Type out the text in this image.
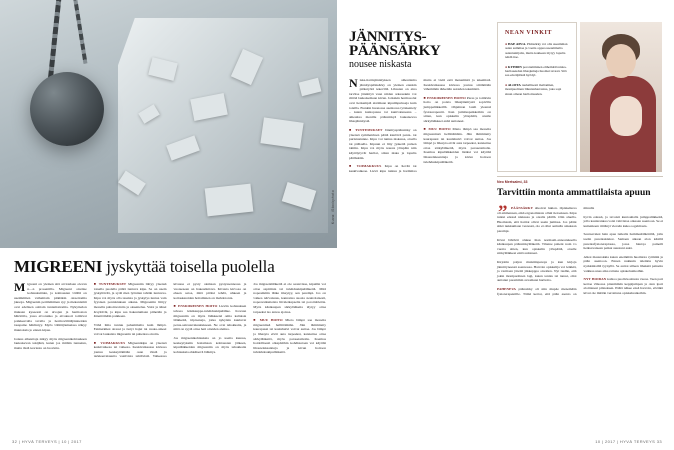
Kuva: iStockphoto
MIGREENI jyskyttää toisella puolella

Migreeni on yleinen sitä arvioidaan olevan n—n prosentilla. Migreeni oireilee kohtauksittain, ja kohtausten välillä on useimmiten vaiheittain pitkiäkin oireettomia jaksoja. Migreenin perimmäinen syy ja mekanismit ovat edelleen osittain tuntemattomia. Nykytiedon mukaan kyseessä on aivojen ja hermoston häiriötila, jossa aivorunko ja aivokuori toimivat poikkeavalla tavalla ja hermovälittäjäaineiden tasapaino häiriintyy. Myös välittäjäaineissa näkyy muutoksia jo ennen kipua.

Joskus aiheuttaja näkyy myös migreenikohtauksen laukaisevan tekijänä, kuten jos mitään tunnetun, mutta tästä teoriasta on luovuttu.

■ TUNTEMUKSET Migreeniin liittyy yleensä toisella puolella päätä tuntuva kipu. Se on usein jyskyttävää, ja sydä men lyöntien tahtiin tuntuvaa. Kipu voi myös olla tasaista ja jyskytys tuntua vain fyysisen ponnistuksen aikana. Migreeniin liittyy monella pahoinvointia ja oksentelua. Valot ja äänet ärsyttävät, ja kipu saa hakeutumaan pimeään ja äänettömään paikkaan.

Vähä ilma tuntuu pahemmalta kuin lämpö. Esimerkiksi stressi ja tietyt hajut tai ruoka-aineet voivat laukaista migreenin tai pahentaa oireita.

■ VOIMAKKUUS Migreenikipu on yleensä keskivaikeaa tai vaikeaa. Keskivaikeassa kivussa joutuu keskeyttämään osan töistä ja tarkkaavaisuutta vaativista tehtävistä. Vaikeassa kivussa ei pysty olemaan pystyasennossa ja vuoteeseen on hakeuduttava. Kivusta kirvoaa on eheen satoa, mitä pitäisi tehdä, uhkeen ja kotiaskareiden hoitaminen on mahdotonta.

■ ENSIOIREINEN HOITO Lievän kohtauksen tehoaa käsikauppa-tulehduskipulääke. Kovaan migreeniin on myös lääkkeenä omia kaltaisia lääkkeitä, triptaaneja, jotka nykyisin kuuluvat perus-sairausvakuutukseen. Ne ovat tehokkaita, ja niitä on syytä ottaa heti oireiden alettua.

Jos migreenikohtauksia on jo useita kuussa, keskeytyksiin hoitamaan kohtausten jälkeen, kipulääkkeiden migreeniin on myös tehokkaita kohtauksia ehkäisevä lääkitys.

Jos migreenilääkettä ei ole saatavissa, kipuilin voi ottaa aspiriinia tai tulehduskipulääkettä. Mitä nopeammin lääke imeytyy, sen parempi. Jos on vaikea närvaisuus, kannattaa suosia neutrolaisesti, nopeavaikutteista liivaletkapselia tai porottablettia. Myös käsikaupan särkylääketta täytyy ottaa tarpeeksi iso annos ajoissa.

■ MUU HOITO Mieto lämpö saa monelta migreeninsä hellittämään. Jäin lämmitetty kaurapussi tai kaulahuivi voivat auttaa. Jos lämpö ja lihasyta eivät auta tarpeeksi, kannattaa ottaa särkylääkettä, myös parasetamolia. Kaamos hoidollisesti olkapääthin kohdistetaan voi käyttää lihasrelaksantteja ja kivun hoitoon tuhdahdoskipulääkettä.

32 | HYVÄ TERVEYS | 10 | 2017
JÄNNITYS-
PÄÄNSÄRKY
nousee niskasta

Niska-hartiajännityksen aiheuttama jännityspäänsärky on yleinen etenkin päätetyötä tekevillä. Lihasten on aina tarvitse jännittyä vaan niiden arkaasakin voi riittää laukaisemaan kivun. Jotkakin hermosolut ovat herkempiä aistimaan kipuimpulsseja kuin toisilla. Etenkin huonossa asentossa työskentely – kuten kuntopussa tai kuntvatuneena – aiheuttaa monille päänsärkyä laukaisevaa lihasjännitystä.

■ TUNTEMUKSET Jännityspäänsärky on yleensä symmetrinen päätä kiertävä panta- tai puristustunne. Kipu voi tuntua niskassa, otsalla tai päälaella. Kipuun ei liity jyskettä pulsen tahtiin. Kipu voi myös nousta ylöspäin niin käyttäytyvät hartiat, sitten niska ja lopulta pääläakiin.

■ VOIMAKKUUS Kipu on lievää tai keskivaikeaa. Lievä kipu tuntuu ja harmittaa mutta ei vielä estä menemistä ja tekemistä. Keskivaikeassa kivussa joutuu siirtämään vähemmän tärkeitän asioiden tekemistä.

■ ENSIOIREINEN HOITO Paras ja toimivin hoito on poista lihasjännitystä sopivilla jumppaliikkeillä. Ohjeitnan laatii yleensä fysioterapeutti. Kun jumituspaikkoihin on sitten, kun opiskelin ylöspäätä, otsalle särkylääkkeet enää auttaneet.

■ MUU HOITO Mieto lämpö saa monelta migreeninsä hellittämään. Jäin lämmitetty kaurapussi tai kaulahuivi voivat auttaa. Jos lämpö ja lihasyta eivät auta tarpeeksi, kannattaa ottaa särkylääkettä, myös parasetamolia. Kaamos kipulääkkeiden lisäksi voi käyttää lihasrelaksantteja ja kivun hoitoon tulehduskipulääkettä.

NEAN VINKIT

● HAE APUA. Päänsärky voi olla useamman asian summaa ja vaatia oppua useammalta asiantuntijalta, mutta kokkeen täytyy lopulta tehdä itse.

● KYHDIN porotamminen elihemitää niska-hartiaseudun lihasjumeja huomat tavasti. Sitä saa edoäijäästä hyödyt.

● ALOITA rauhallisesti maltamien, monipuolinen liikuntaharrastus, joka sopi sinun omaan hartioinsuden.

Neo Mertsalmi, 33
Tarvittiin monta ammattilaista apuun
”	PÄÄNSÄRKY alkoivat lukion. Opiskeluraa oli emmenaan, eikä ergonomiasta olluit tietoakaan. Kipu tuntui edessä niskassa ja otsalla päällä. Otin aluella. Huomasin, että hartiat olivat usein jumissa. Jos pääni sitkö nukkumaan vesressä, olo ei ollut aamulla ainakaan parempi.

Kivut lähtivät alukse ihan normaali-annostuksella käsikaupan päänsärkylääkettä. Tilanne paheni noin vo vuotta sitten, kun opiskelin ylöspäätä, otsalle särkylääkkeet enää auttaneet.

Kirjoitin paljon muistiinpanoja ja kun kirjoja jännittyneessä asennossa. Harvoin opiskelija voi leikkiä, ja varmaan järeitä jäkkepppa oireiden. Nyt tiedän, että jokin monipuolinen lagi, kuten tennis tai tanssi, olisi auttanut paremmin avaamaan hartioita.

PAHENEVA päänsärky oli niin mupäe menemään fysioterapeutille. Tämä kertoi, että pään asento on minulla

hyvin edessä, ja tavoisti kuntouhalla jumppaliikkeitä, jolla kaularankaa voisi vahvistaa oikeaan asentoon. Se ei kuitenkaan riittänyt vieraän kuka oogelmasta.

Seuraavaksi hain apua tutkalla hammaslääkäriltä, jolla teetin purentakiskot. Samaan aikaan alon käsillä purentafysioterapiassa, jossa hierrqa paineili heiksavaiseen paikat suustani auki.

Alkoi mausrokkia kuten enemmän huomiota rytmiini ja pään asentoon. Ennen nukkuin taleintia hyvin nyrkkinisillä tyynyllä. Se auttoi silleen lihaksiä paineita vaikkaa unes aika rattuna opiskeluaikoihin.

NYT HOIDAN kohtoa puolivuositusta vuosa. Teen pari kertaa viikossa pitenmmän keppijumpan ja olen ipari aloittaneat pilateksen. Päätä näkee ensä harvoin, eivätkä kivut ole mitään verrattuna opiskeluaikoihin.

10 | 2017 | HYVÄ TERVEYS 33
